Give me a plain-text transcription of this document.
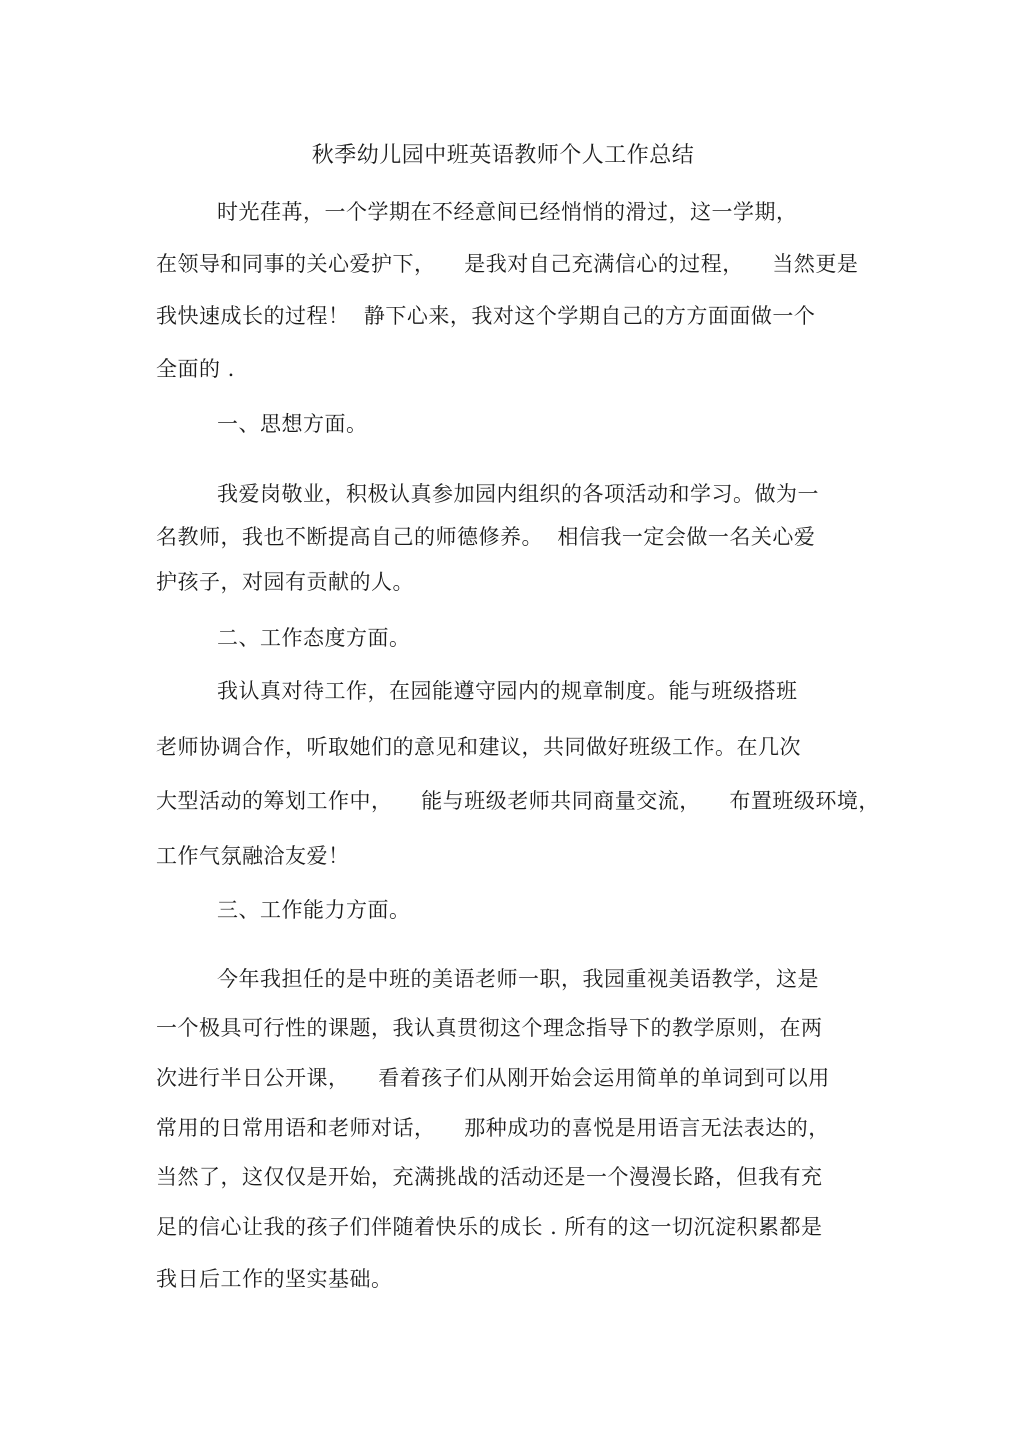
秋季幼儿园中班英语教师个人工作总结
时光荏苒，一个学期在不经意间已经悄悄的滑过，这一学期，
在领导和同事的关心爱护下，    是我对自己充满信心的过程，    当然更是
我快速成长的过程！  静下心来，我对这个学期自己的方方面面做一个
全面的 .
一、思想方面。
我爱岗敬业，积极认真参加园内组织的各项活动和学习。做为一
名教师，我也不断提高自己的师德修养。  相信我一定会做一名关心爱
护孩子，对园有贡献的人。
二、工作态度方面。
我认真对待工作，在园能遵守园内的规章制度。能与班级搭班
老师协调合作，听取她们的意见和建议，共同做好班级工作。在几次
大型活动的筹划工作中，    能与班级老师共同商量交流，    布置班级环境，
工作气氛融洽友爱！
三、工作能力方面。
今年我担任的是中班的美语老师一职，我园重视美语教学，这是
一个极具可行性的课题，我认真贯彻这个理念指导下的教学原则，在两
次进行半日公开课，    看着孩子们从刚开始会运用简单的单词到可以用
常用的日常用语和老师对话，    那种成功的喜悦是用语言无法表达的，
当然了，这仅仅是开始，充满挑战的活动还是一个漫漫长路，但我有充
足的信心让我的孩子们伴随着快乐的成长 . 所有的这一切沉淀积累都是
我日后工作的坚实基础。
